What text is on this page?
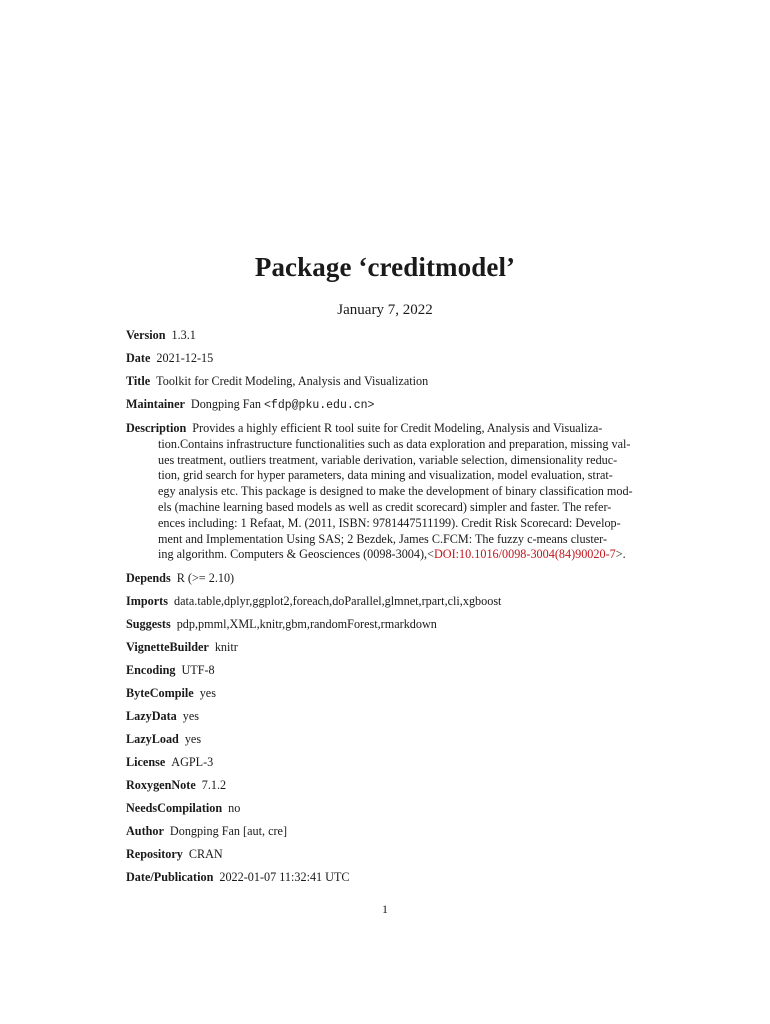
Package ‘creditmodel’
January 7, 2022
Version 1.3.1
Date 2021-12-15
Title Toolkit for Credit Modeling, Analysis and Visualization
Maintainer Dongping Fan <fdp@pku.edu.cn>
Description Provides a highly efficient R tool suite for Credit Modeling, Analysis and Visualiza-
tion.Contains infrastructure functionalities such as data exploration and preparation, missing val-
ues treatment, outliers treatment, variable derivation, variable selection, dimensionality reduc-
tion, grid search for hyper parameters, data mining and visualization, model evaluation, strat-
egy analysis etc. This package is designed to make the development of binary classification mod-
els (machine learning based models as well as credit scorecard) simpler and faster. The refer-
ences including: 1 Refaat, M. (2011, ISBN: 9781447511199). Credit Risk Scorecard: Develop-
ment and Implementation Using SAS; 2 Bezdek, James C.FCM: The fuzzy c-means cluster-
ing algorithm. Computers & Geosciences (0098-3004),<DOI:10.1016/0098-3004(84)90020-7>.
Depends R (>= 2.10)
Imports data.table,dplyr,ggplot2,foreach,doParallel,glmnet,rpart,cli,xgboost
Suggests pdp,pmml,XML,knitr,gbm,randomForest,rmarkdown
VignetteBuilder knitr
Encoding UTF-8
ByteCompile yes
LazyData yes
LazyLoad yes
License AGPL-3
RoxygenNote 7.1.2
NeedsCompilation no
Author Dongping Fan [aut, cre]
Repository CRAN
Date/Publication 2022-01-07 11:32:41 UTC
1
